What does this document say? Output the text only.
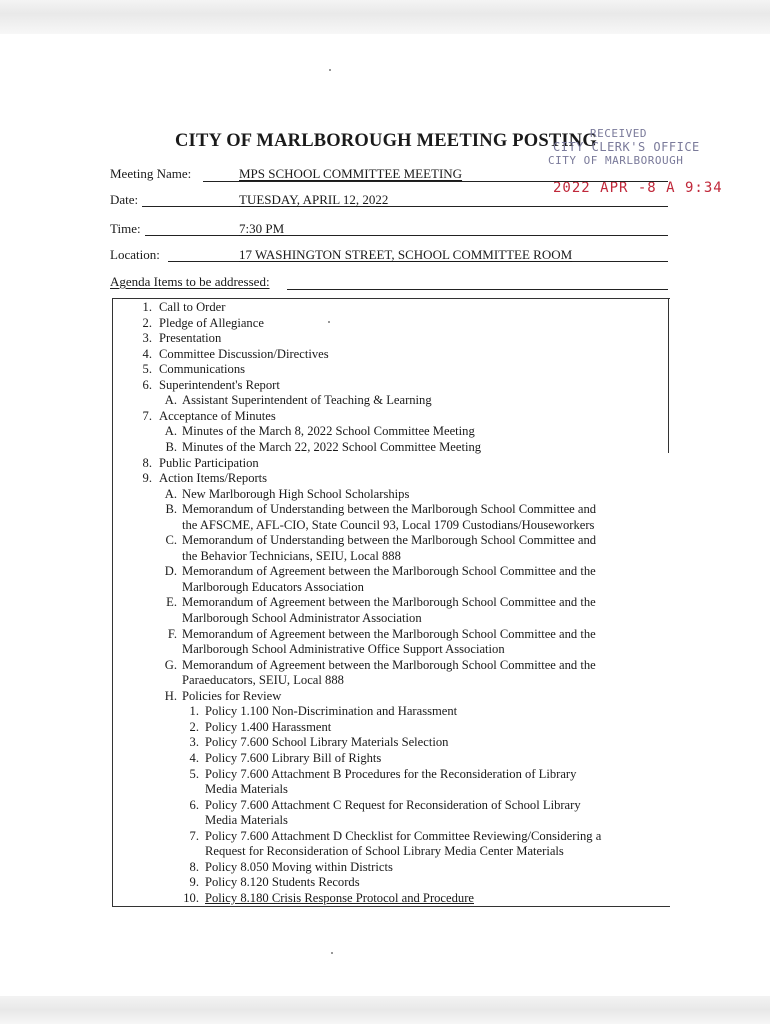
CITY OF MARLBOROUGH MEETING POSTING
RECEIVED
CITY CLERK'S OFFICE
CITY OF MARLBOROUGH
2022 APR -8 A 9:34
Meeting Name:	MPS SCHOOL COMMITTEE MEETING
Date:	TUESDAY, APRIL 12, 2022
Time:	7:30 PM
Location:	17 WASHINGTON STREET, SCHOOL COMMITTEE ROOM
Agenda Items to be addressed:
1. Call to Order
2. Pledge of Allegiance
3. Presentation
4. Committee Discussion/Directives
5. Communications
6. Superintendent's Report
A. Assistant Superintendent of Teaching & Learning
7. Acceptance of Minutes
A. Minutes of the March 8, 2022 School Committee Meeting
B. Minutes of the March 22, 2022 School Committee Meeting
8. Public Participation
9. Action Items/Reports
A. New Marlborough High School Scholarships
B. Memorandum of Understanding between the Marlborough School Committee and
the AFSCME, AFL-CIO, State Council 93, Local 1709 Custodians/Houseworkers
C. Memorandum of Understanding between the Marlborough School Committee and
the Behavior Technicians, SEIU, Local 888
D. Memorandum of Agreement between the Marlborough School Committee and the
Marlborough Educators Association
E. Memorandum of Agreement between the Marlborough School Committee and the
Marlborough School Administrator Association
F. Memorandum of Agreement between the Marlborough School Committee and the
Marlborough School Administrative Office Support Association
G. Memorandum of Agreement between the Marlborough School Committee and the
Paraeducators, SEIU, Local 888
H. Policies for Review
1. Policy 1.100 Non-Discrimination and Harassment
2. Policy 1.400 Harassment
3. Policy 7.600 School Library Materials Selection
4. Policy 7.600 Library Bill of Rights
5. Policy 7.600 Attachment B Procedures for the Reconsideration of Library
Media Materials
6. Policy 7.600 Attachment C Request for Reconsideration of School Library
Media Materials
7. Policy 7.600 Attachment D Checklist for Committee Reviewing/Considering a
Request for Reconsideration of School Library Media Center Materials
8. Policy 8.050 Moving within Districts
9. Policy 8.120 Students Records
10. Policy 8.180 Crisis Response Protocol and Procedure
